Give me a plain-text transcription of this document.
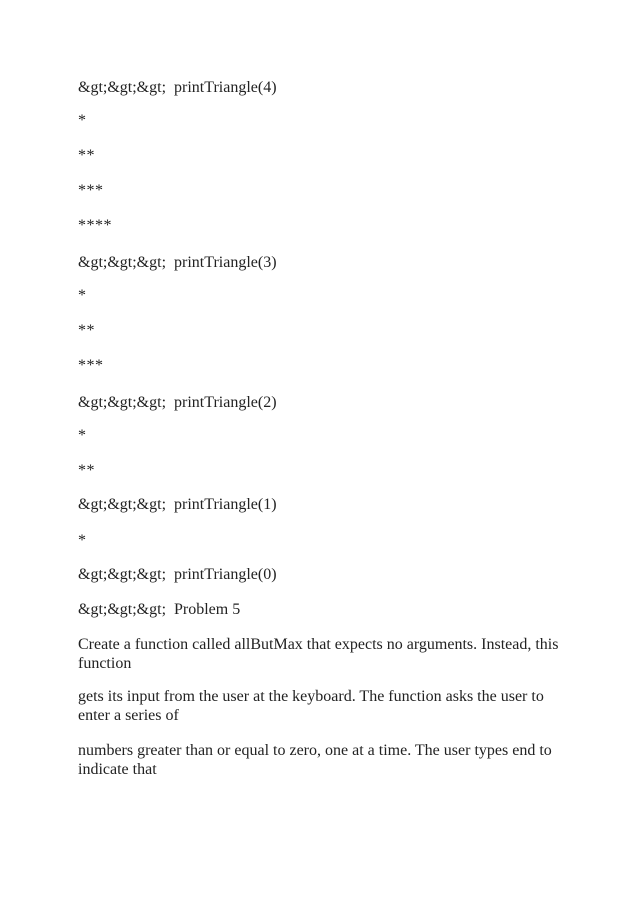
&gt;&gt;&gt;  printTriangle(4)

*

**

***

****

&gt;&gt;&gt;  printTriangle(3)

*

**

***

&gt;&gt;&gt;  printTriangle(2)

*

**

&gt;&gt;&gt;  printTriangle(1)

*

&gt;&gt;&gt;  printTriangle(0)

&gt;&gt;&gt;  Problem 5

Create a function called allButMax that expects no arguments. Instead, this function

gets its input from the user at the keyboard. The function asks the user to enter a series of

numbers greater than or equal to zero, one at a time. The user types end to indicate that
